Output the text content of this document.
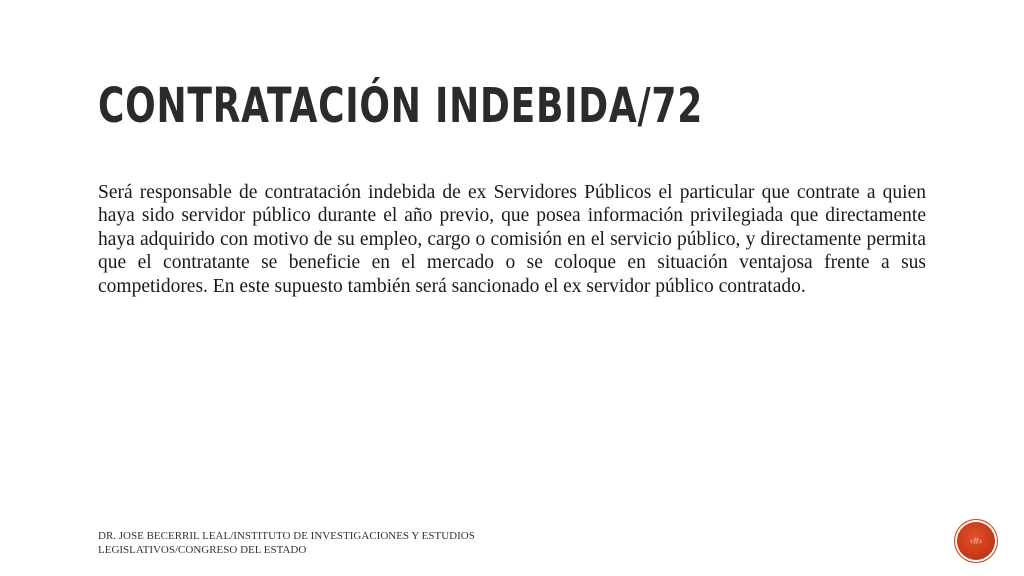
CONTRATACIÓN INDEBIDA/72

Será responsable de contratación indebida de ex Servidores Públicos el particular que contrate a quien haya sido servidor público durante el año previo, que posea información privilegiada que directamente haya adquirido con motivo de su empleo, cargo o comisión en el servicio público, y directamente permita que el contratante se beneficie en el mercado o se coloque en situación ventajosa frente a sus competidores. En este supuesto también será sancionado el ex servidor público contratado.

DR. JOSE BECERRIL LEAL/INSTITUTO DE INVESTIGACIONES Y ESTUDIOS LEGISLATIVOS/CONGRESO DEL ESTADO
‹#›
